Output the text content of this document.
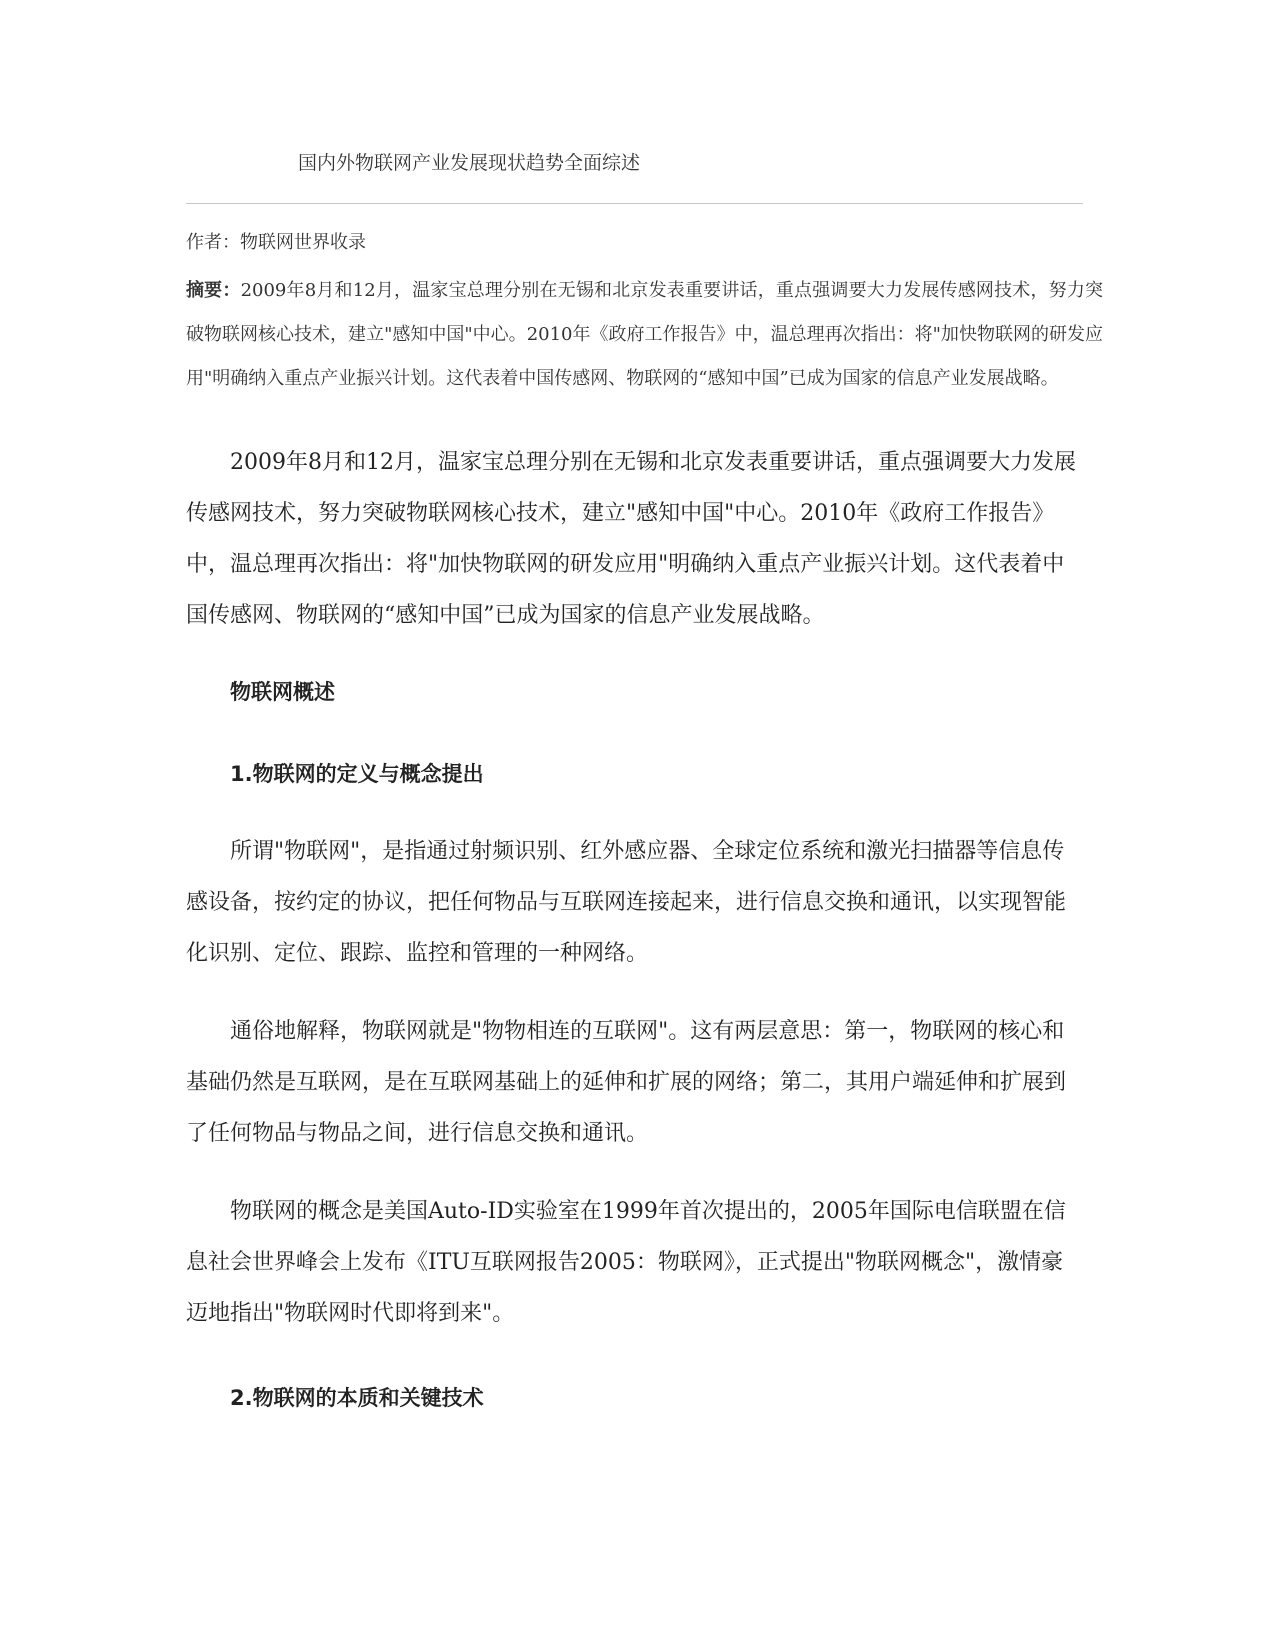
国内外物联网产业发展现状趋势全面综述
作者：物联网世界收录

摘要：2009年8月和12月，温家宝总理分别在无锡和北京发表重要讲话，重点强调要大力发展传感网技术，努力突破物联网核心技术，建立"感知中国"中心。2010年《政府工作报告》中，温总理再次指出：将"加快物联网的研发应用"明确纳入重点产业振兴计划。这代表着中国传感网、物联网的“感知中国”已成为国家的信息产业发展战略。

2009年8月和12月，温家宝总理分别在无锡和北京发表重要讲话，重点强调要大力发展传感网技术，努力突破物联网核心技术，建立"感知中国"中心。2010年《政府工作报告》中，温总理再次指出：将"加快物联网的研发应用"明确纳入重点产业振兴计划。这代表着中国传感网、物联网的“感知中国”已成为国家的信息产业发展战略。

物联网概述
1.物联网的定义与概念提出

所谓"物联网"，是指通过射频识别、红外感应器、全球定位系统和激光扫描器等信息传感设备，按约定的协议，把任何物品与互联网连接起来，进行信息交换和通讯，以实现智能化识别、定位、跟踪、监控和管理的一种网络。

通俗地解释，物联网就是"物物相连的互联网"。这有两层意思：第一，物联网的核心和基础仍然是互联网，是在互联网基础上的延伸和扩展的网络；第二，其用户端延伸和扩展到了任何物品与物品之间，进行信息交换和通讯。

物联网的概念是美国Auto-ID实验室在1999年首次提出的，2005年国际电信联盟在信息社会世界峰会上发布《ITU互联网报告2005：物联网》，正式提出"物联网概念"，激情豪迈地指出"物联网时代即将到来"。

2.物联网的本质和关键技术
